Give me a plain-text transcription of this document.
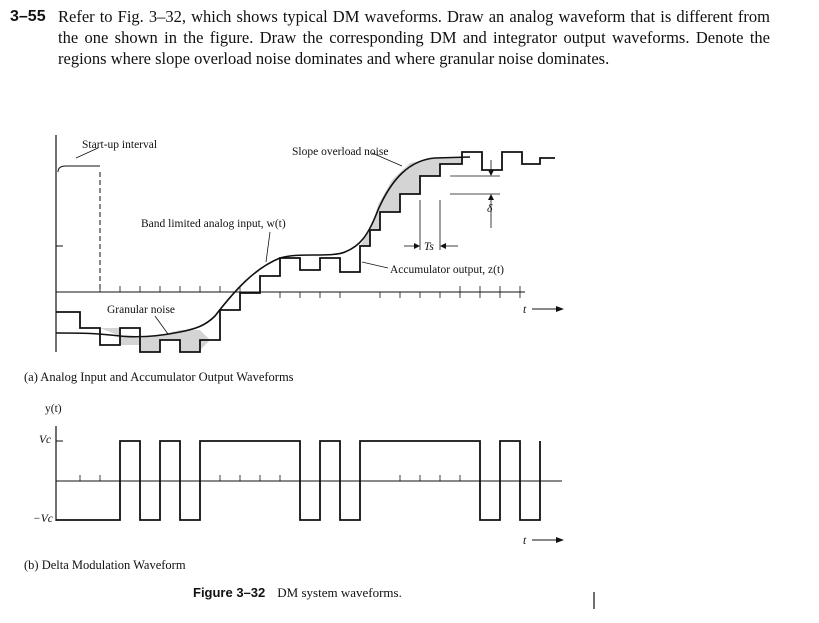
3–55 Refer to Fig. 3–32, which shows typical DM waveforms. Draw an analog waveform that is different from the one shown in the figure. Draw the corresponding DM and integrator output waveforms. Denote the regions where slope overload noise dominates and where granular noise dominates.
δ
Ts
Start-up interval
Slope overload noise
Band limited analog input, w(t)
Accumulator output, z(t)
Granular noise	t
(a) Analog Input and Accumulator Output Waveforms
y(t)
Vc
−Vc
t
(b) Delta Modulation Waveform
Figure 3–32 DM system waveforms.
